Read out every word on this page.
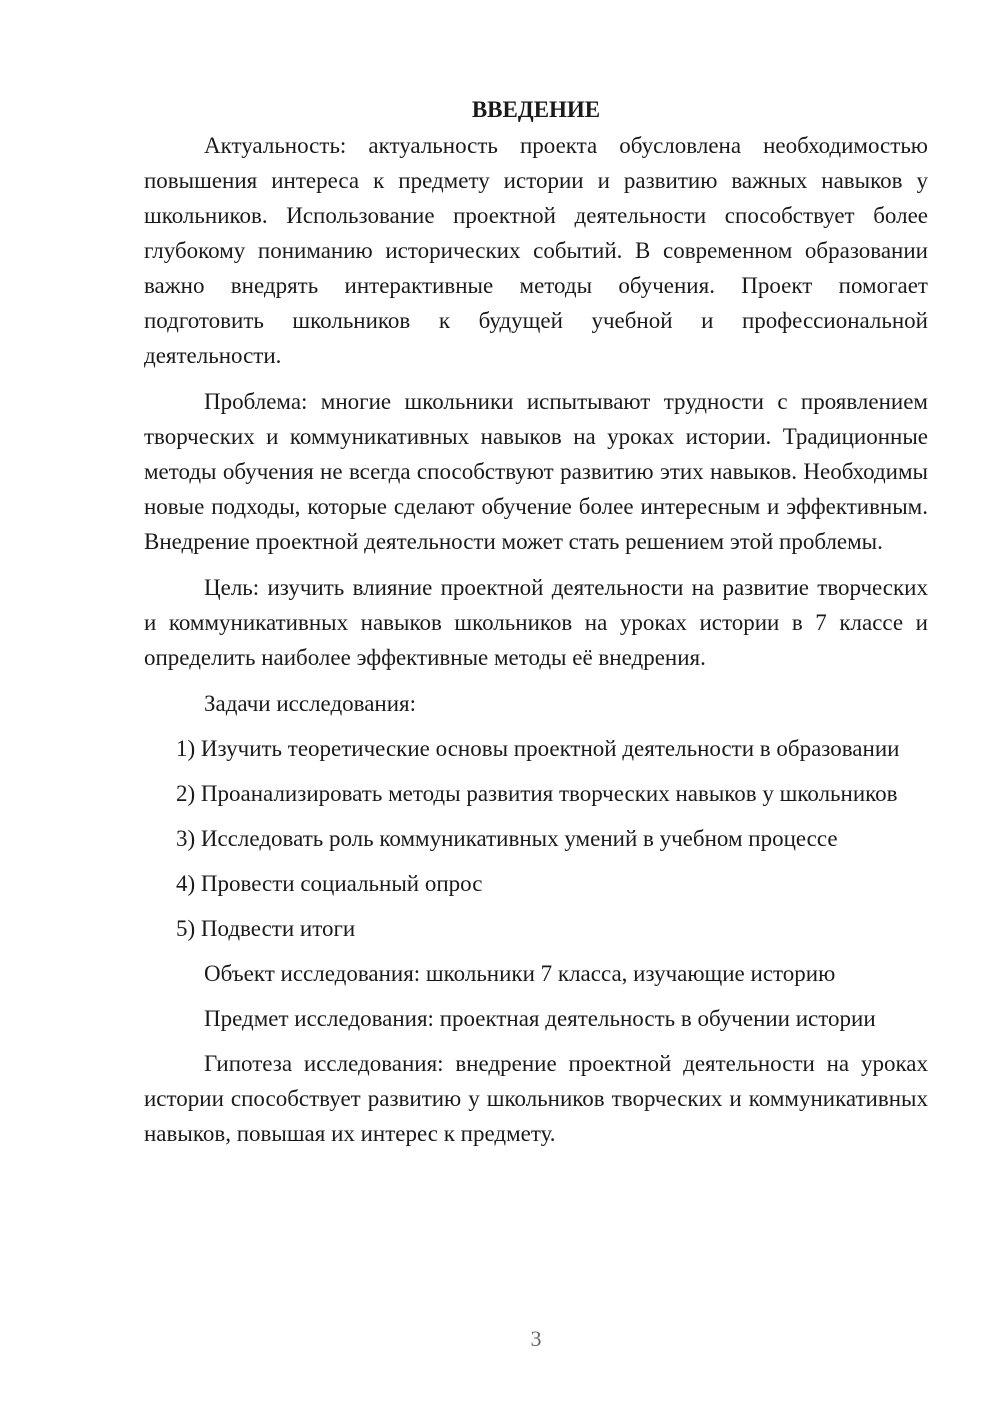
ВВЕДЕНИЕ

Актуальность: актуальность проекта обусловлена необходимостью повышения интереса к предмету истории и развитию важных навыков у школьников. Использование проектной деятельности способствует более глубокому пониманию исторических событий. В современном образовании важно внедрять интерактивные методы обучения. Проект помогает подготовить школьников к будущей учебной и профессиональной деятельности.

Проблема: многие школьники испытывают трудности с проявлением творческих и коммуникативных навыков на уроках истории. Традиционные методы обучения не всегда способствуют развитию этих навыков. Необходимы новые подходы, которые сделают обучение более интересным и эффективным. Внедрение проектной деятельности может стать решением этой проблемы.

Цель: изучить влияние проектной деятельности на развитие творческих и коммуникативных навыков школьников на уроках истории в 7 классе и определить наиболее эффективные методы её внедрения.

Задачи исследования:

1) Изучить теоретические основы проектной деятельности в образовании

2) Проанализировать методы развития творческих навыков у школьников

3) Исследовать роль коммуникативных умений в учебном процессе

4) Провести социальный опрос

5) Подвести итоги

Объект исследования: школьники 7 класса, изучающие историю

Предмет исследования: проектная деятельность в обучении истории

Гипотеза исследования: внедрение проектной деятельности на уроках истории способствует развитию у школьников творческих и коммуникативных навыков, повышая их интерес к предмету.

3
